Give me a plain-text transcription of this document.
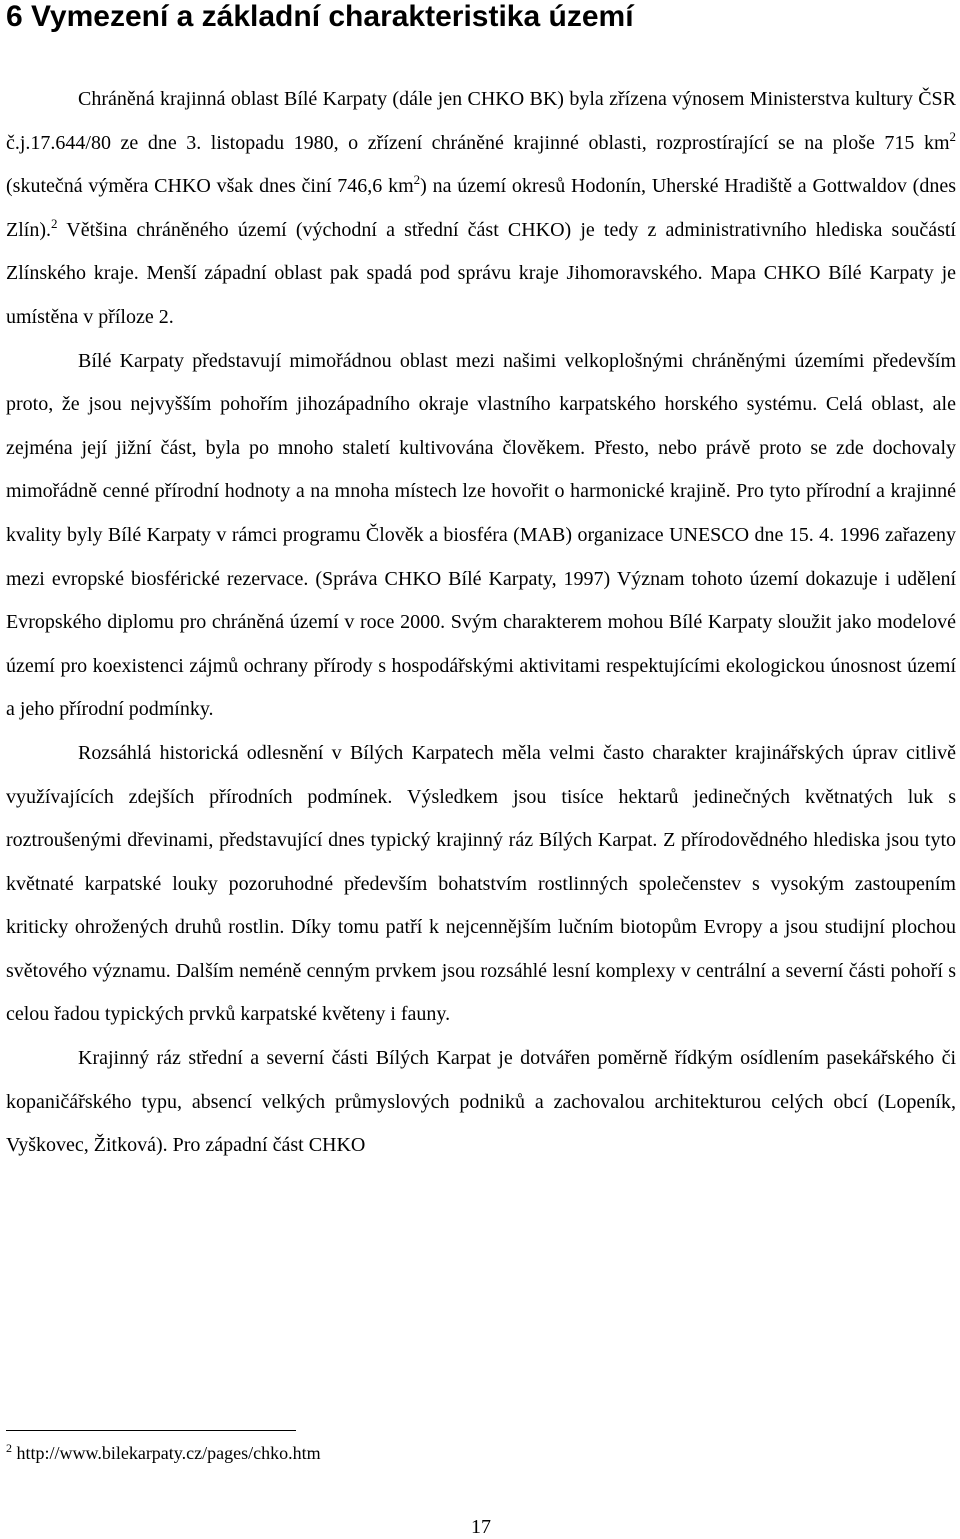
6 Vymezení a základní charakteristika území

Chráněná krajinná oblast Bílé Karpaty (dále jen CHKO BK) byla zřízena výnosem Ministerstva kultury ČSR č.j.17.644/80 ze dne 3. listopadu 1980, o zřízení chráněné krajinné oblasti, rozprostírající se na ploše 715 $km^2$ (skutečná výměra CHKO však dnes činí 746,6 $km^2$) na území okresů Hodonín, Uherské Hradiště a Gottwaldov (dnes Zlín).$^2$ Většina chráněného území (východní a střední část CHKO) je tedy z administrativního hlediska součástí Zlínského kraje. Menší západní oblast pak spadá pod správu kraje Jihomoravského. Mapa CHKO Bílé Karpaty je umístěna v příloze 2.

Bílé Karpaty představují mimořádnou oblast mezi našimi velkoplošnými chráněnými územími především proto, že jsou nejvyšším pohořím jihozápadního okraje vlastního karpatského horského systému. Celá oblast, ale zejména její jižní část, byla po mnoho staletí kultivována člověkem. Přesto, nebo právě proto se zde dochovaly mimořádně cenné přírodní hodnoty a na mnoha místech lze hovořit o harmonické krajině. Pro tyto přírodní a krajinné kvality byly Bílé Karpaty v rámci programu Člověk a biosféra (MAB) organizace UNESCO dne 15. 4. 1996 zařazeny mezi evropské biosférické rezervace. (Správa CHKO Bílé Karpaty, 1997) Význam tohoto území dokazuje i udělení Evropského diplomu pro chráněná území v roce 2000. Svým charakterem mohou Bílé Karpaty sloužit jako modelové území pro koexistenci zájmů ochrany přírody s hospodářskými aktivitami respektujícími ekologickou únosnost území a jeho přírodní podmínky.

Rozsáhlá historická odlesnění v Bílých Karpatech měla velmi často charakter krajinářských úprav citlivě využívajících zdejších přírodních podmínek. Výsledkem jsou tisíce hektarů jedinečných květnatých luk s roztroušenými dřevinami, představující dnes typický krajinný ráz Bílých Karpat. Z přírodovědného hlediska jsou tyto květnaté karpatské louky pozoruhodné především bohatstvím rostlinných společenstev s vysokým zastoupením kriticky ohrožených druhů rostlin. Díky tomu patří k nejcennějším lučním biotopům Evropy a jsou studijní plochou světového významu. Dalším neméně cenným prvkem jsou rozsáhlé lesní komplexy v centrální a severní části pohoří s celou řadou typických prvků karpatské květeny i fauny.

Krajinný ráz střední a severní části Bílých Karpat je dotvářen poměrně řídkým osídlením pasekářského či kopaničářského typu, absencí velkých průmyslových podniků a zachovalou architekturou celých obcí (Lopeník, Vyškovec, Žitková). Pro západní část CHKO

$^2$ http://www.bilekarpaty.cz/pages/chko.htm
17
